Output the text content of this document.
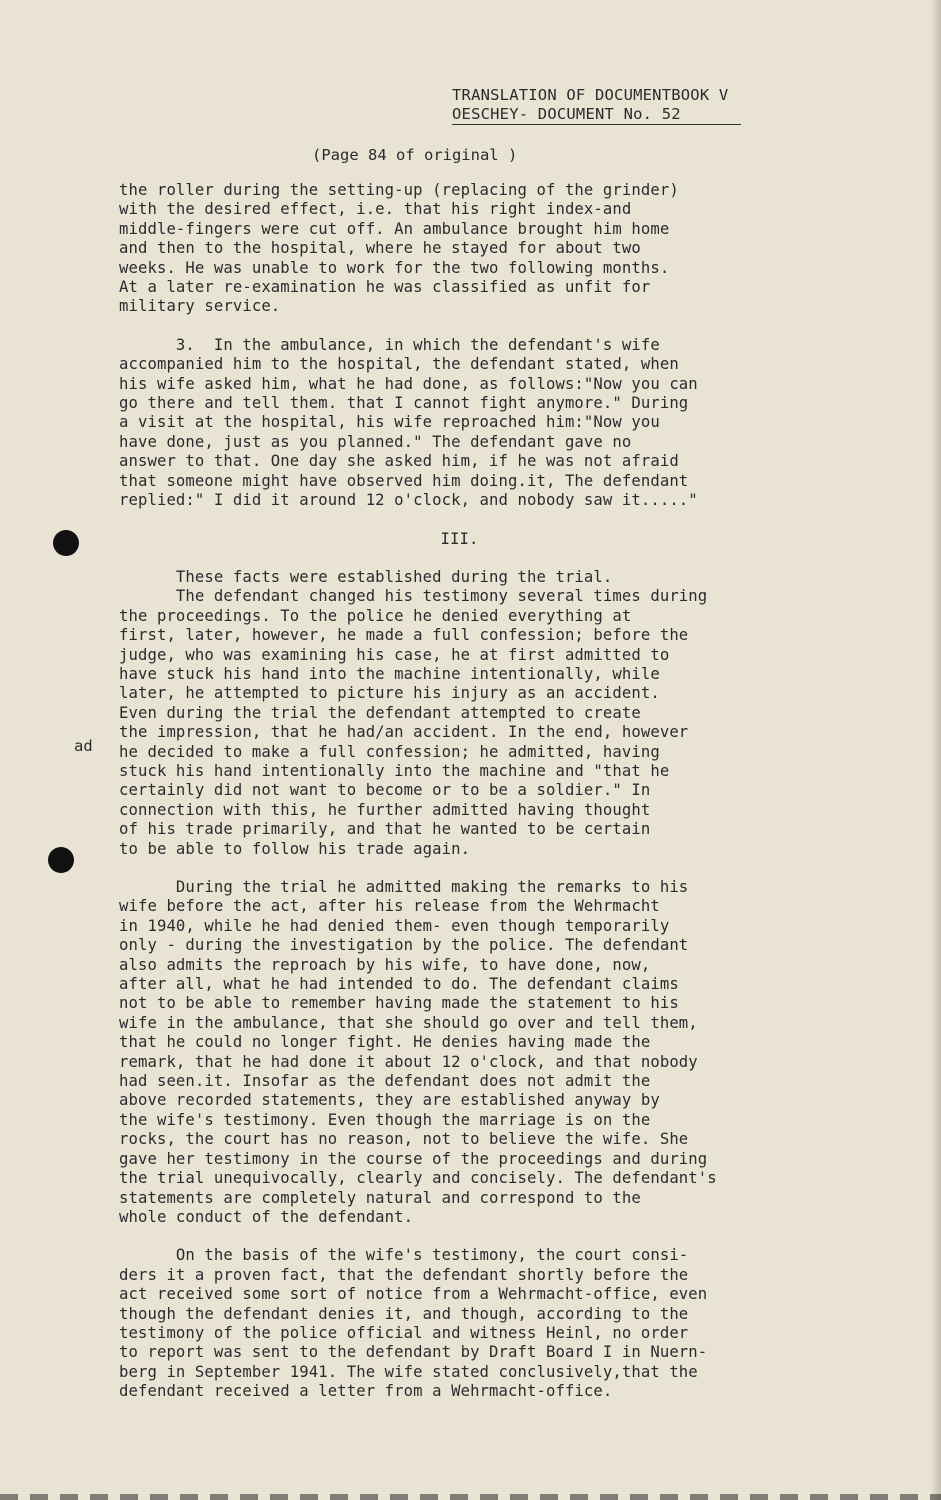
TRANSLATION OF DOCUMENTBOOK V
OESCHEY- DOCUMENT No. 52
(Page 84 of original )
ad

the roller during the setting-up (replacing of the grinder)

with the desired effect, i.e. that his right index-and

middle-fingers were cut off. An ambulance brought him home

and then to the hospital, where he stayed for about two

weeks. He was unable to work for the two following months.

At a later re-examination he was classified as unfit for

military service.

3.  In the ambulance, in which the defendant's wife

accompanied him to the hospital, the defendant stated, when

his wife asked him, what he had done, as follows:"Now you can

go there and tell them. that I cannot fight anymore." During

a visit at the hospital, his wife reproached him:"Now you

have done, just as you planned." The defendant gave no

answer to that. One day she asked him, if he was not afraid

that someone might have observed him doing.it, The defendant

replied:" I did it around 12 o'clock, and nobody saw it....."

III.

These facts were established during the trial.

The defendant changed his testimony several times during

the proceedings. To the police he denied everything at

first, later, however, he made a full confession; before the

judge, who was examining his case, he at first admitted to

have stuck his hand into the machine intentionally, while

later, he attempted to picture his injury as an accident.

Even during the trial the defendant attempted to create

the impression, that he had/an accident. In the end, however

he decided to make a full confession; he admitted, having

stuck his hand intentionally into the machine and "that he

certainly did not want to become or to be a soldier." In

connection with this, he further admitted having thought

of his trade primarily, and that he wanted to be certain

to be able to follow his trade again.

During the trial he admitted making the remarks to his

wife before the act, after his release from the Wehrmacht

in 1940, while he had denied them- even though temporarily

only - during the investigation by the police. The defendant

also admits the reproach by his wife, to have done, now,

after all, what he had intended to do. The defendant claims

not to be able to remember having made the statement to his

wife in the ambulance, that she should go over and tell them,

that he could no longer fight. He denies having made the

remark, that he had done it about 12 o'clock, and that nobody

had seen.it. Insofar as the defendant does not admit the

above recorded statements, they are established anyway by

the wife's testimony. Even though the marriage is on the

rocks, the court has no reason, not to believe the wife. She

gave her testimony in the course of the proceedings and during

the trial unequivocally, clearly and concisely. The defendant's

statements are completely natural and correspond to the

whole conduct of the defendant.

On the basis of the wife's testimony, the court consi-

ders it a proven fact, that the defendant shortly before the

act received some sort of notice from a Wehrmacht-office, even

though the defendant denies it, and though, according to the

testimony of the police official and witness Heinl, no order

to report was sent to the defendant by Draft Board I in Nuern-

berg in September 1941. The wife stated conclusively,that the

defendant received a letter from a Wehrmacht-office.
